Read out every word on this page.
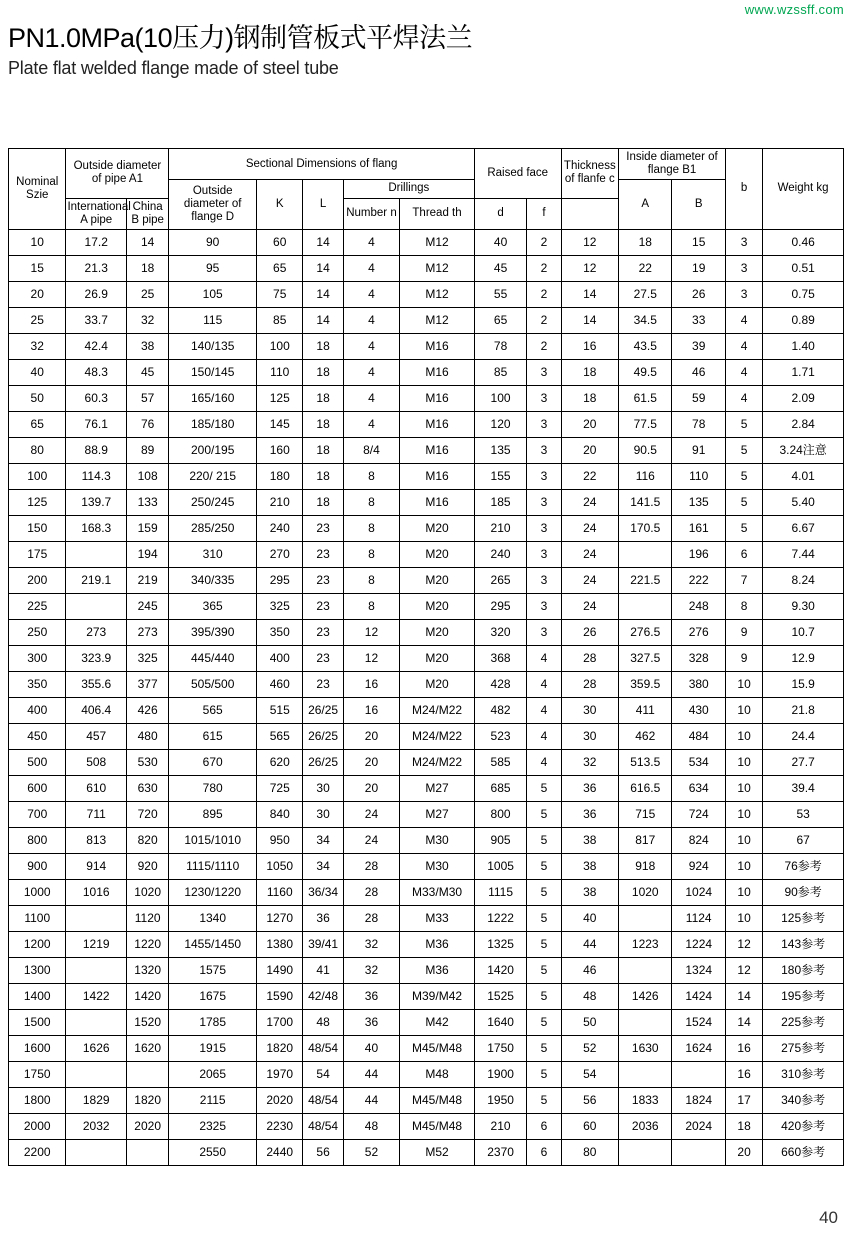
www.wzssff.com
PN1.0MPa(10压力)钢制管板式平焊法兰
Plate flat welded flange made of steel tube
Nominal Szie	Outside diameter of pipe A1		Sectional Dimensions of flang					Raised face		Thickness of flanfe c	Inside diameter of flange B1		b	Weight kg
			Outside diameter of flange D	K	L	Drillings					A	B		
	International A pipe	China B pipe				Number n	Thread th	d	f					

10	17.2	14	90	60	14	4	M12	40	2	12	18	15	3	0.46
15	21.3	18	95	65	14	4	M12	45	2	12	22	19	3	0.51
20	26.9	25	105	75	14	4	M12	55	2	14	27.5	26	3	0.75
25	33.7	32	115	85	14	4	M12	65	2	14	34.5	33	4	0.89
32	42.4	38	140/135	100	18	4	M16	78	2	16	43.5	39	4	1.40
40	48.3	45	150/145	110	18	4	M16	85	3	18	49.5	46	4	1.71
50	60.3	57	165/160	125	18	4	M16	100	3	18	61.5	59	4	2.09
65	76.1	76	185/180	145	18	4	M16	120	3	20	77.5	78	5	2.84
80	88.9	89	200/195	160	18	8/4	M16	135	3	20	90.5	91	5	3.24注意
100	114.3	108	220/ 215	180	18	8	M16	155	3	22	116	110	5	4.01
125	139.7	133	250/245	210	18	8	M16	185	3	24	141.5	135	5	5.40
150	168.3	159	285/250	240	23	8	M20	210	3	24	170.5	161	5	6.67
175		194	310	270	23	8	M20	240	3	24		196	6	7.44
200	219.1	219	340/335	295	23	8	M20	265	3	24	221.5	222	7	8.24
225		245	365	325	23	8	M20	295	3	24		248	8	9.30
250	273	273	395/390	350	23	12	M20	320	3	26	276.5	276	9	10.7
300	323.9	325	445/440	400	23	12	M20	368	4	28	327.5	328	9	12.9
350	355.6	377	505/500	460	23	16	M20	428	4	28	359.5	380	10	15.9
400	406.4	426	565	515	26/25	16	M24/M22	482	4	30	411	430	10	21.8
450	457	480	615	565	26/25	20	M24/M22	523	4	30	462	484	10	24.4
500	508	530	670	620	26/25	20	M24/M22	585	4	32	513.5	534	10	27.7
600	610	630	780	725	30	20	M27	685	5	36	616.5	634	10	39.4
700	711	720	895	840	30	24	M27	800	5	36	715	724	10	53
800	813	820	1015/1010	950	34	24	M30	905	5	38	817	824	10	67
900	914	920	1115/1110	1050	34	28	M30	1005	5	38	918	924	10	76参考
1000	1016	1020	1230/1220	1160	36/34	28	M33/M30	1115	5	38	1020	1024	10	90参考
1100		1120	1340	1270	36	28	M33	1222	5	40		1124	10	125参考
1200	1219	1220	1455/1450	1380	39/41	32	M36	1325	5	44	1223	1224	12	143参考
1300		1320	1575	1490	41	32	M36	1420	5	46		1324	12	180参考
1400	1422	1420	1675	1590	42/48	36	M39/M42	1525	5	48	1426	1424	14	195参考
1500		1520	1785	1700	48	36	M42	1640	5	50		1524	14	225参考
1600	1626	1620	1915	1820	48/54	40	M45/M48	1750	5	52	1630	1624	16	275参考
1750			2065	1970	54	44	M48	1900	5	54			16	310参考
1800	1829	1820	2115	2020	48/54	44	M45/M48	1950	5	56	1833	1824	17	340参考
2000	2032	2020	2325	2230	48/54	48	M45/M48	210	6	60	2036	2024	18	420参考
2200			2550	2440	56	52	M52	2370	6	80			20	660参考
40
